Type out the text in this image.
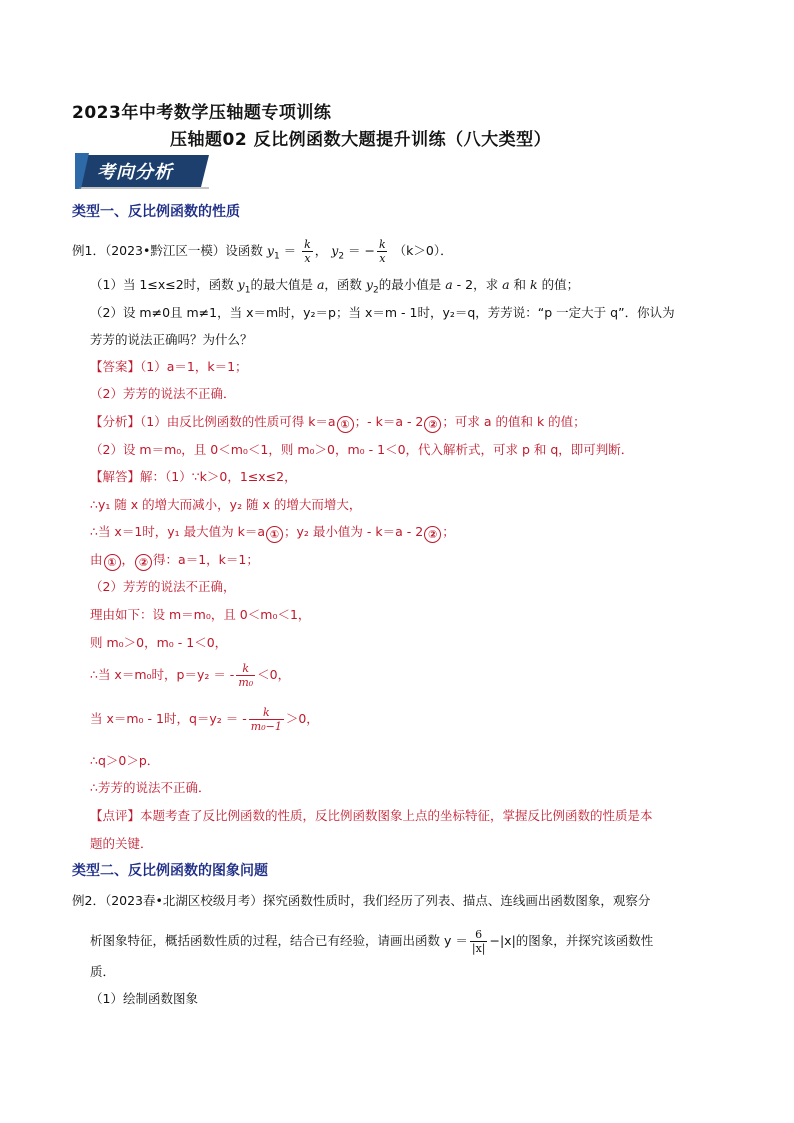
2023年中考数学压轴题专项训练
压轴题02 反比例函数大题提升训练（八大类型）
考向分析
类型一、反比例函数的性质
例1．（2023•黔江区一模）设函数 $y_1 = \frac{k}{x}$ ， $y_2$ ＝ − $\frac{k}{x} (k>0)$．
（1）当 1≤x≤2时，函数 $y_1$的最大值是 a，函数 $y_2$的最小值是 a - 2，求 a 和 k 的值；
（2）设 m≠0且 m≠1，当 x＝m时，y₂＝p；当 x＝m - 1时，y₂＝q，芳芳说：“p 一定大于 q”．你认为
芳芳的说法正确吗？为什么？
【答案】（1）a＝1，k＝1；
（2）芳芳的说法不正确．
【分析】（1）由反比例函数的性质可得 k＝a ① ；- k＝a - 2 ② ；可求 a 的值和 k 的值；
（2）设 m＝m₀，且 0＜m₀＜1，则 m₀＞0，m₀ - 1＜0，代入解析式，可求 p 和 q，即可判断．
【解答】解：（1）∵k＞0，1≤x≤2，
∴y₁ 随 x 的增大而减小，y₂ 随 x 的增大而增大，
∴当 x＝1时，y₁ 最大值为 k＝a ① ；y₂ 最小值为 - k＝a - 2 ② ；
由 ① ， ② 得：a＝1，k＝1；
（2）芳芳的说法不正确，
理由如下：设 m＝m₀，且 0＜m₀＜1，
则 m₀＞0，m₀ - 1＜0，
∴当 x＝m₀时，p＝y₂ ＝ - $\frac{k}{\text{m₀}} <0$，
当 x＝m₀ - 1时，q＝y₂ ＝ - $\frac{k}{\text{m₀−1}} >0$，
∴q＞0＞p．
∴芳芳的说法不正确．
【点评】本题考查了反比例函数的性质，反比例函数图象上点的坐标特征，掌握反比例函数的性质是本
题的关键．
类型二、反比例函数的图象问题
例2．（2023春•北湖区校级月考）探究函数性质时，我们经历了列表、描点、连线画出函数图象，观察分
析图象特征，概括函数性质的过程，结合已有经验，请画出函数 $y = \frac{6}{|x|} -|x|$的图象，并探究该函数性
质．
（1）绘制函数图象
